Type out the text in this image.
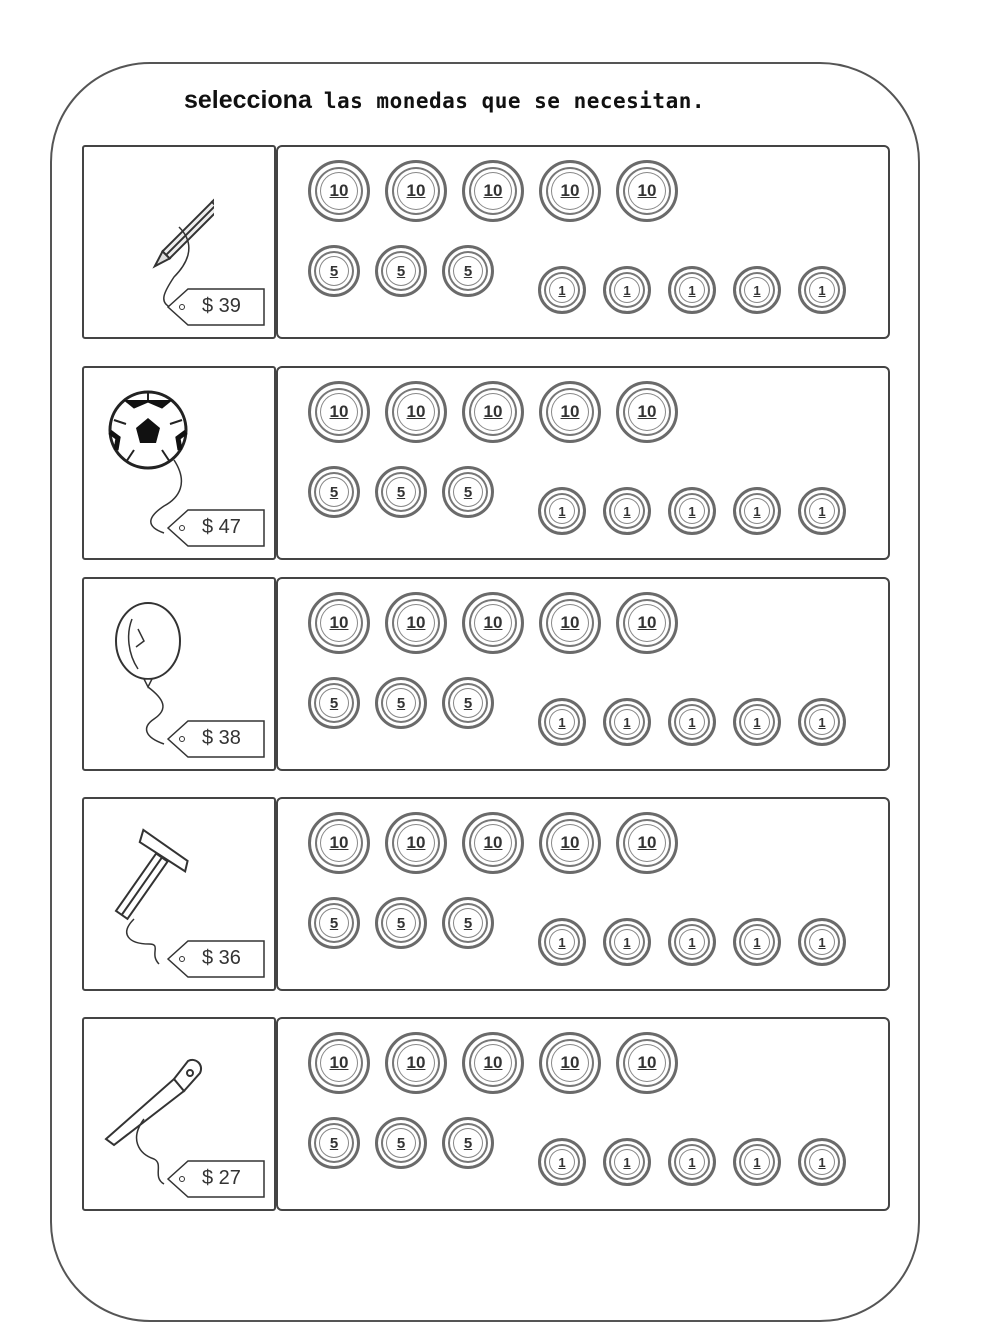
selecciona las monedas que se necesitan.
$ 39
10	10	10	10	10
5	5	5
1	1	1	1	1
$ 47
10	10	10	10	10
5	5	5
1	1	1	1	1
$ 38
10	10	10	10	10
5	5	5
1	1	1	1	1
$ 36
10	10	10	10	10
5	5	5
1	1	1	1	1
$ 27
10	10	10	10	10
5	5	5
1	1	1	1	1
